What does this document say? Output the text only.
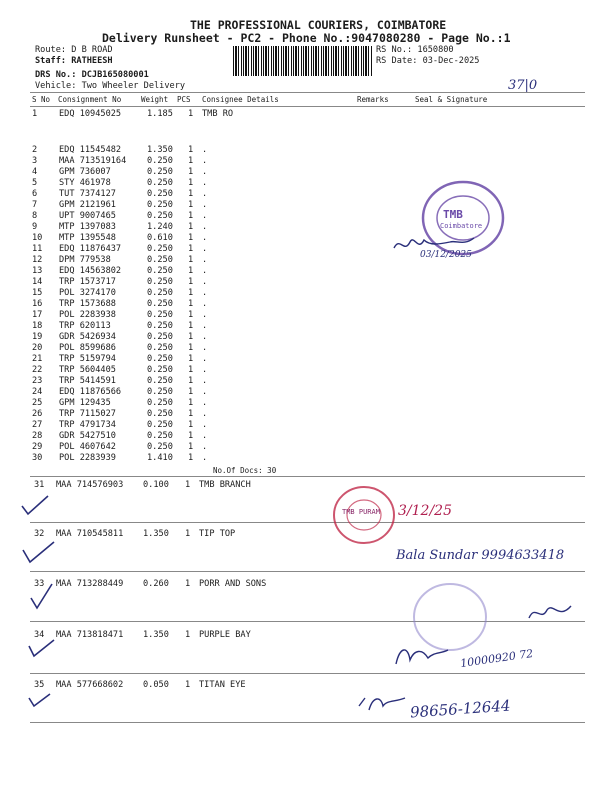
THE PROFESSIONAL COURIERS, COIMBATORE
Delivery Runsheet - PC2 - Phone No.:9047080280 - Page No.:1
Route: D B ROAD
Staff: RATHEESH
DRS No.: DCJB165080001
Vehicle: Two Wheeler Delivery
RS No.: 1650800
RS Date: 03-Dec-2025
37|0
S No Consignment No	Weight PCS Consignee Details	Remarks	Seal & Signature
1	EDQ 10945025	1.185 1 TMB RO
2	EDQ 11545482	1.350 1 .
3	MAA 713519164 0.250 1 .
4	GPM 736007	0.250 1 .
5	STY 461978	0.250 1 .
6	TUT 7374127	0.250 1 .
7	GPM 2121961	0.250 1 .
8	UPT 9007465	0.250 1 .
9	MTP 1397083	1.240 1 .
10 MTP 1395548	0.610 1 .
11 EDQ 11876437	0.250 1 .
12 DPM 779538	0.250 1 .
13 EDQ 14563802	0.250 1 .
14 TRP 1573717	0.250 1 .
15 POL 3274170	0.250 1 .
16 TRP 1573688	0.250 1 .
17 POL 2283938	0.250 1 .
18 TRP 620113	0.250 1 .
19 GDR 5426934	0.250 1 .
20 POL 8599686	0.250 1 .
21 TRP 5159794	0.250 1 .
22 TRP 5604405	0.250 1 .
23 TRP 5414591	0.250 1 .
24 EDQ 11876566	0.250 1 .
25 GPM 129435	0.250 1 .
26 TRP 7115027	0.250 1 .
27 TRP 4791734	0.250 1 .
28 GDR 5427510	0.250 1 .
29 POL 4607642	0.250 1 .
30 POL 2283939	1.410 1 .
No.Of Docs: 30
31 MAA 714576903 0.100 1 TMB BRANCH
32 MAA 710545811 1.350 1 TIP TOP
33 MAA 713288449 0.260 1 PORR AND SONS
34 MAA 713818471 1.350 1 PURPLE BAY
35 MAA 577668602 0.050 1 TITAN EYE
TMB
Coimbatore
03/12/2025
TMB PURAM 3/12/25
Bala Sundar 9994633418
10000920 72
98656-12644
